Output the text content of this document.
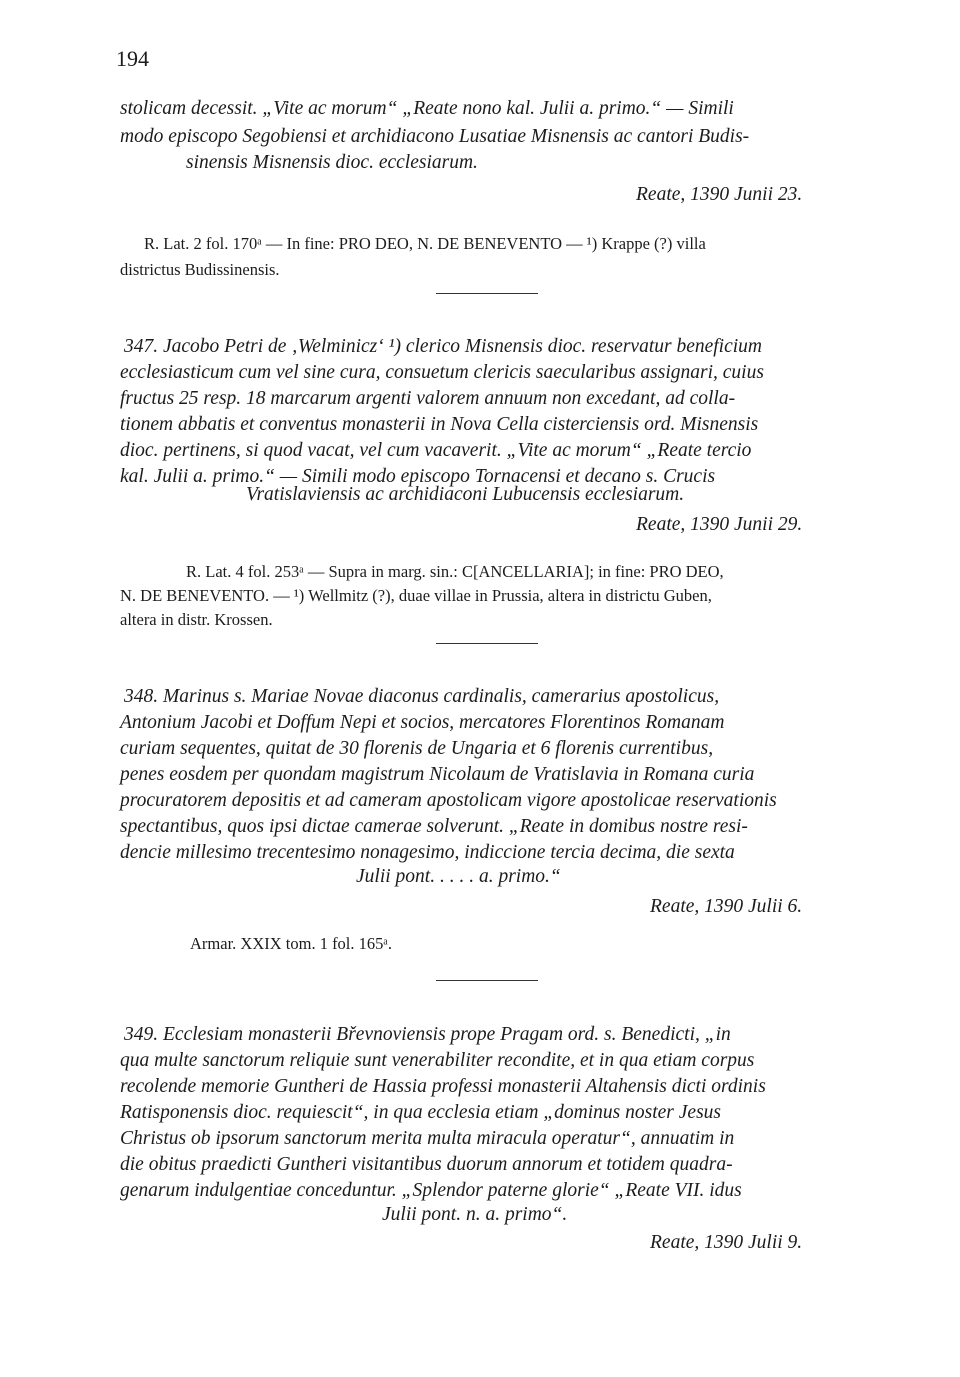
194
stolicam decessit. „Vite ac morum“ „Reate nono kal. Julii a. primo.“ — Simili
modo episcopo Segobiensi et archidiacono Lusatiae Misnensis ac cantori Budis-
sinensis Misnensis dioc. ecclesiarum.
Reate, 1390 Junii 23.
R. Lat. 2 fol. 170ᵃ — In fine: PRO DEO, N. DE BENEVENTO — ¹) Krappe (?) villa
districtus Budissinensis.
347. Jacobo Petri de ‚Welminicz‘ ¹) clerico Misnensis dioc. reservatur beneficium
ecclesiasticum cum vel sine cura, consuetum clericis saecularibus assignari, cuius
fructus 25 resp. 18 marcarum argenti valorem annuum non excedant, ad colla-
tionem abbatis et conventus monasterii in Nova Cella cisterciensis ord. Misnensis
dioc. pertinens, si quod vacat, vel cum vacaverit. „Vite ac morum“ „Reate tercio
kal. Julii a. primo.“ — Simili modo episcopo Tornacensi et decano s. Crucis
Vratislaviensis ac archidiaconi Lubucensis ecclesiarum.
Reate, 1390 Junii 29.
R. Lat. 4 fol. 253ᵃ — Supra in marg. sin.: C[ANCELLARIA]; in fine: PRO DEO,
N. DE BENEVENTO. — ¹) Wellmitz (?), duae villae in Prussia, altera in districtu Guben,
altera in distr. Krossen.
348. Marinus s. Mariae Novae diaconus cardinalis, camerarius apostolicus,
Antonium Jacobi et Doffum Nepi et socios, mercatores Florentinos Romanam
curiam sequentes, quitat de 30 florenis de Ungaria et 6 florenis currentibus,
penes eosdem per quondam magistrum Nicolaum de Vratislavia in Romana curia
procuratorem depositis et ad cameram apostolicam vigore apostolicae reservationis
spectantibus, quos ipsi dictae camerae solverunt. „Reate in domibus nostre resi-
dencie millesimo trecentesimo nonagesimo, indiccione tercia decima, die sexta
Julii pont. . . . . a. primo.“
Reate, 1390 Julii 6.
Armar. XXIX tom. 1 fol. 165ᵃ.
349. Ecclesiam monasterii Břevnoviensis prope Pragam ord. s. Benedicti, „in
qua multe sanctorum reliquie sunt venerabiliter recondite, et in qua etiam corpus
recolende memorie Guntheri de Hassia professi monasterii Altahensis dicti ordinis
Ratisponensis dioc. requiescit“, in qua ecclesia etiam „dominus noster Jesus
Christus ob ipsorum sanctorum merita multa miracula operatur“, annuatim in
die obitus praedicti Guntheri visitantibus duorum annorum et totidem quadra-
genarum indulgentiae conceduntur. „Splendor paterne glorie“ „Reate VII. idus
Julii pont. n. a. primo“.
Reate, 1390 Julii 9.
